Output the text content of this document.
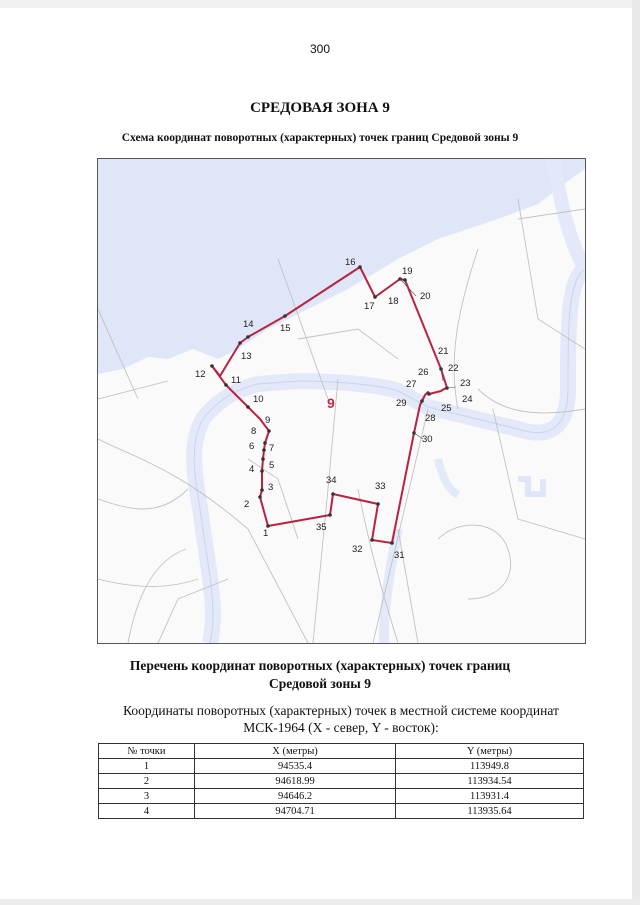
300
СРЕДОВАЯ ЗОНА 9
Схема координат поворотных (характерных) точек границ Средовой зоны 9
9
1
2
3
4 5
6 7
8
9
10
11
12
13
14	15
16
17 18
19
20
21
22
23
24
25
26
27
28
29
30
31
32
33
34
35
Перечень координат поворотных (характерных) точек границ
Средовой зоны 9
Координаты поворотных (характерных) точек в местной системе координат
МСК-1964 (X - север, Y - восток):
№ точки	X (метры)	Y (метры)
1	94535.4	113949.8
2	94618.99	113934.54
3	94646.2	113931.4
4	94704.71	113935.64
